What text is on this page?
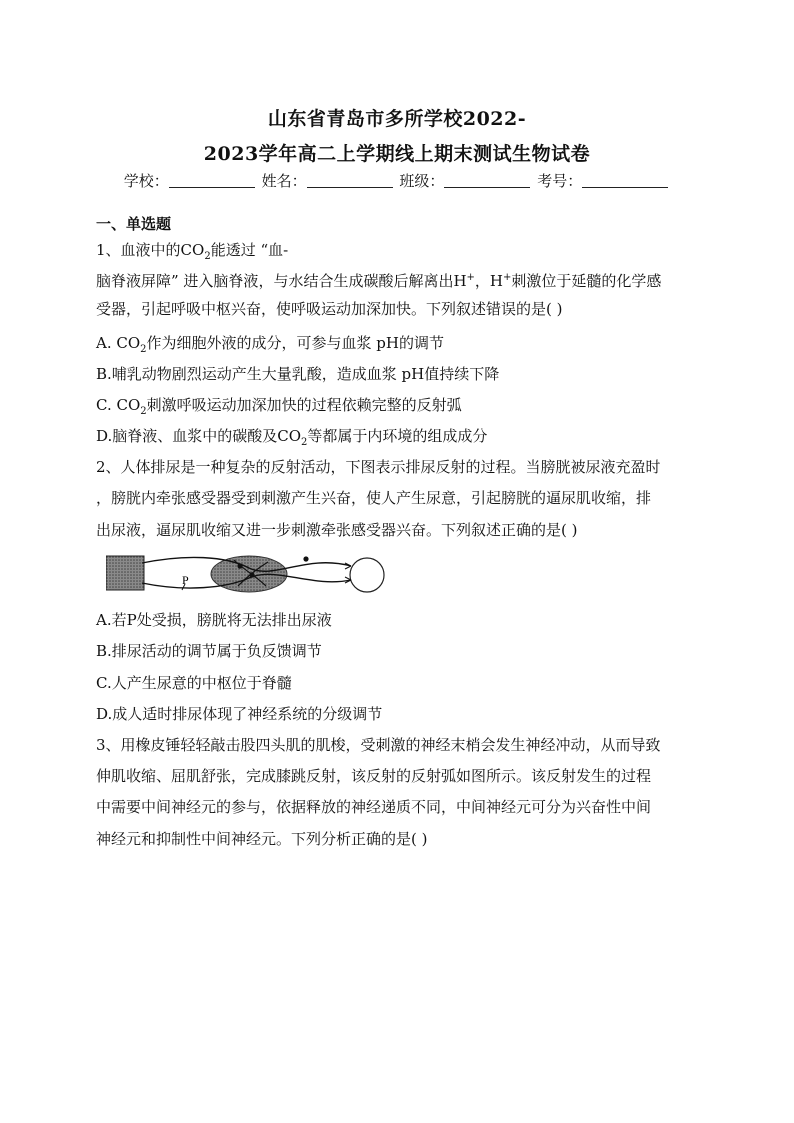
山东省青岛市多所学校2022-
2023学年高二上学期线上期末测试生物试卷
学校：	姓名：	班级：	考号：
一、单选题
1、血液中的$CO_2$能透过 “血-
脑脊液屏障” 进入脑脊液，与水结合生成碳酸后解离出H+，H+刺激位于延髓的化学感
受器，引起呼吸中枢兴奋，使呼吸运动加深加快。下列叙述错误的是( )
A. $CO_2$作为细胞外液的成分，可参与血浆 pH的调节
B.哺乳动物剧烈运动产生大量乳酸，造成血浆 pH值持续下降
C. $CO_2$刺激呼吸运动加深加快的过程依赖完整的反射弧
D.脑脊液、血浆中的碳酸及$CO_2$等都属于内环境的组成成分
2、人体排尿是一种复杂的反射活动，下图表示排尿反射的过程。当膀胱被尿液充盈时
，膀胱内牵张感受器受到刺激产生兴奋，使人产生尿意，引起膀胱的逼尿肌收缩，排
出尿液，逼尿肌收缩又进一步刺激牵张感受器兴奋。下列叙述正确的是( )
P
A.若P处受损，膀胱将无法排出尿液
B.排尿活动的调节属于负反馈调节
C.人产生尿意的中枢位于脊髓
D.成人适时排尿体现了神经系统的分级调节
3、用橡皮锤轻轻敲击股四头肌的肌梭，受刺激的神经末梢会发生神经冲动，从而导致
伸肌收缩、屈肌舒张，完成膝跳反射，该反射的反射弧如图所示。该反射发生的过程
中需要中间神经元的参与，依据释放的神经递质不同，中间神经元可分为兴奋性中间
神经元和抑制性中间神经元。下列分析正确的是( )
